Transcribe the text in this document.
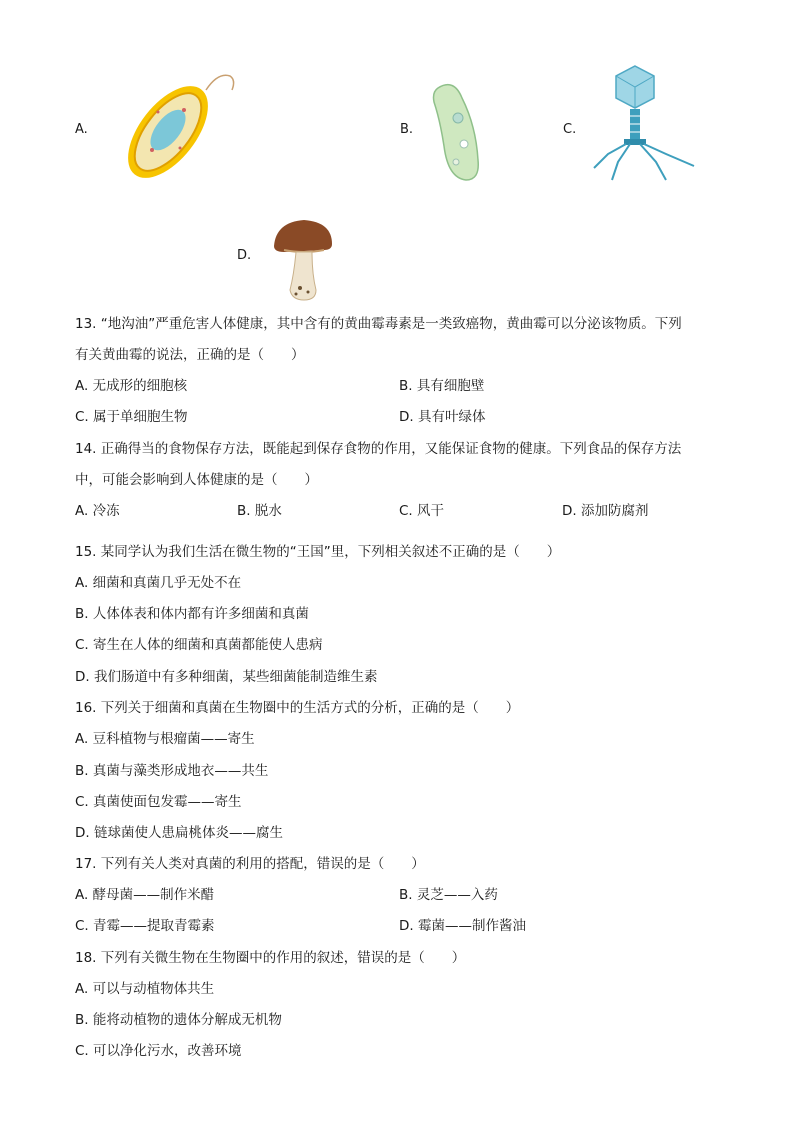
A.	B.	C.
D.
13. “地沟油”严重危害人体健康，其中含有的黄曲霉毒素是一类致癌物，黄曲霉可以分泌该物质。下列
有关黄曲霉的说法，正确的是（　　）
A. 无成形的细胞核	B. 具有细胞壁
C. 属于单细胞生物	D. 具有叶绿体
14. 正确得当的食物保存方法，既能起到保存食物的作用，又能保证食物的健康。下列食品的保存方法
中，可能会影响到人体健康的是（　　）
A. 冷冻	B. 脱水	C. 风干	D. 添加防腐剂
15. 某同学认为我们生活在微生物的“王国”里，下列相关叙述不正确的是（　　）
A. 细菌和真菌几乎无处不在
B. 人体体表和体内都有许多细菌和真菌
C. 寄生在人体的细菌和真菌都能使人患病
D. 我们肠道中有多种细菌，某些细菌能制造维生素
16. 下列关于细菌和真菌在生物圈中的生活方式的分析，正确的是（　　）
A. 豆科植物与根瘤菌——寄生
B. 真菌与藻类形成地衣——共生
C. 真菌使面包发霉——寄生
D. 链球菌使人患扁桃体炎——腐生
17. 下列有关人类对真菌的利用的搭配，错误的是（　　）
A. 酵母菌——制作米醋	B. 灵芝——入药
C. 青霉——提取青霉素	D. 霉菌——制作酱油
18. 下列有关微生物在生物圈中的作用的叙述，错误的是（　　）
A. 可以与动植物体共生
B. 能将动植物的遗体分解成无机物
C. 可以净化污水，改善环境
